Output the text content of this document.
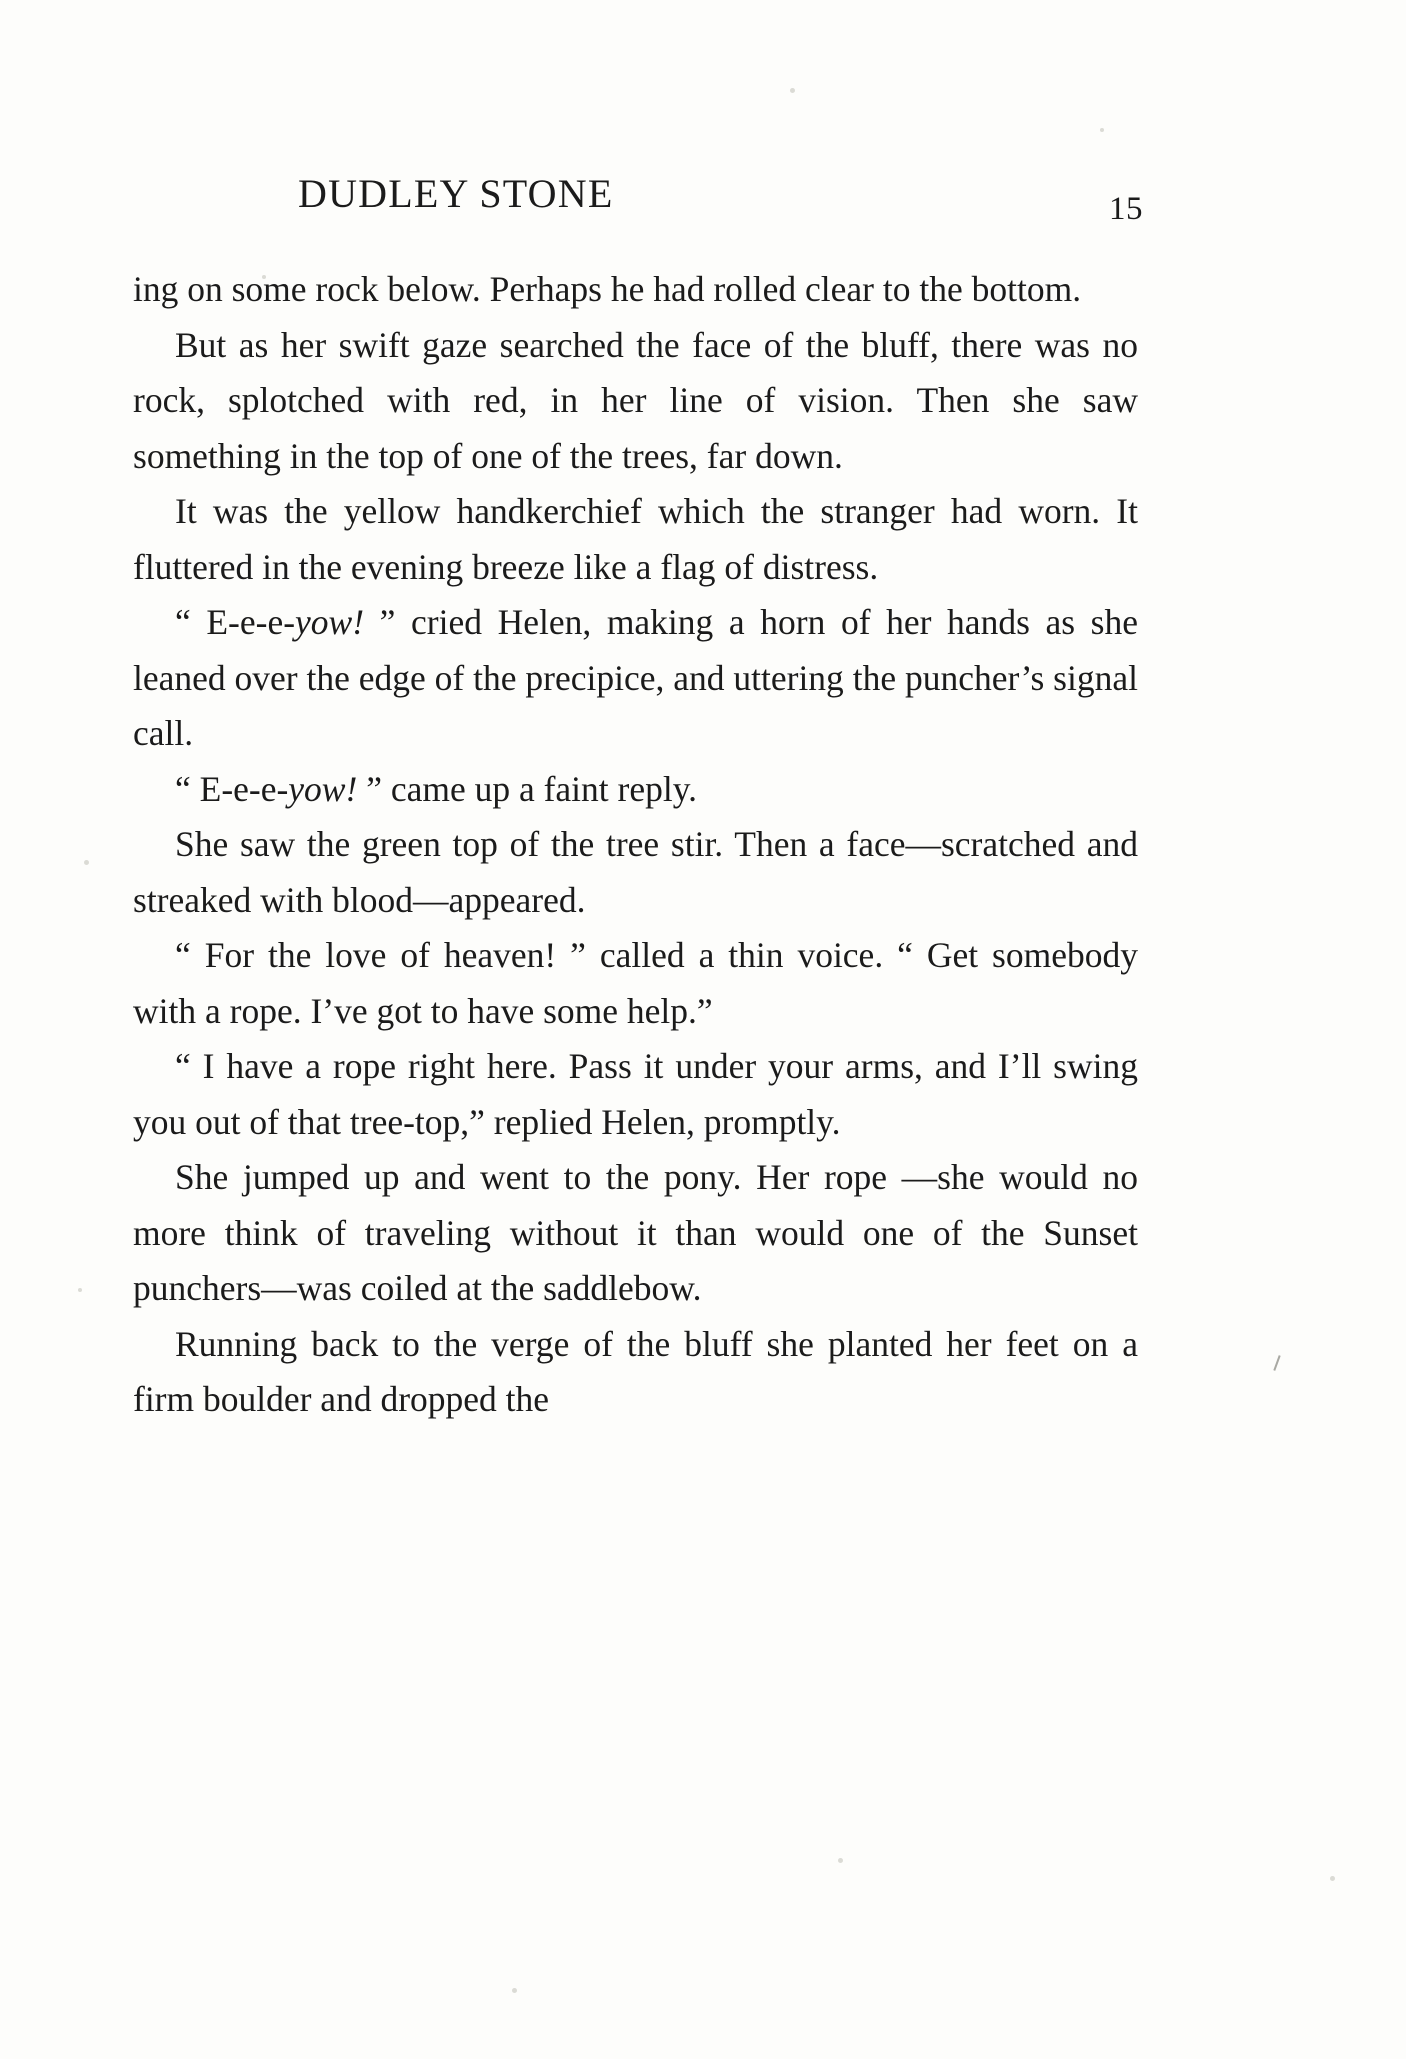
DUDLEY STONE	15

ing on some rock below. Perhaps he had rolled clear to the bottom.

But as her swift gaze searched the face of the bluff, there was no rock, splotched with red, in her line of vision. Then she saw something in the top of one of the trees, far down.

It was the yellow handkerchief which the stranger had worn. It fluttered in the evening breeze like a flag of distress.

“ E-e-e-yow! ” cried Helen, making a horn of her hands as she leaned over the edge of the precipice, and uttering the puncher’s signal call.

“ E-e-e-yow! ” came up a faint reply.

She saw the green top of the tree stir. Then a face—scratched and streaked with blood—appeared.

“ For the love of heaven! ” called a thin voice. “ Get somebody with a rope. I’ve got to have some help.”

“ I have a rope right here. Pass it under your arms, and I’ll swing you out of that tree-top,” replied Helen, promptly.

She jumped up and went to the pony. Her rope —she would no more think of traveling without it than would one of the Sunset punchers—was coiled at the saddlebow.

Running back to the verge of the bluff she planted her feet on a firm boulder and dropped the
